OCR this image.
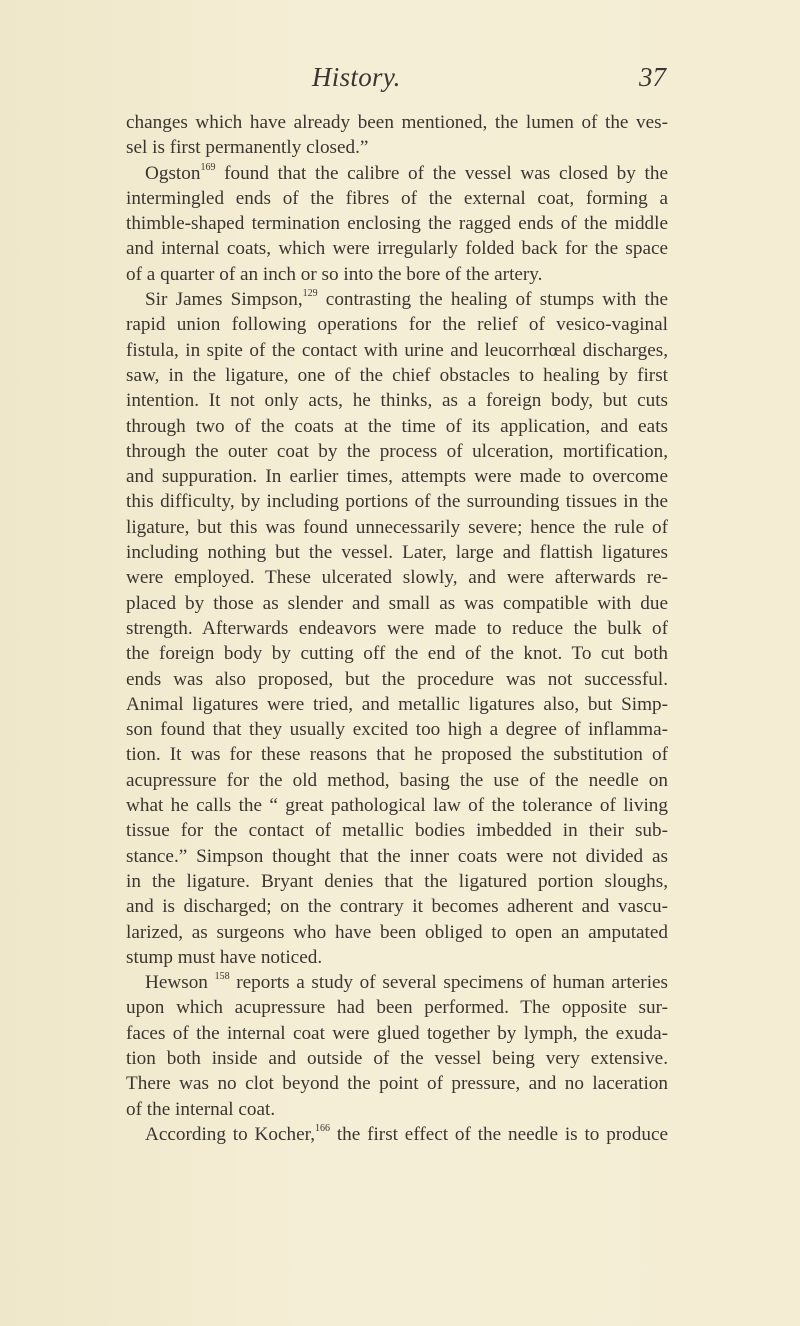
History.	37
changes which have already been mentioned, the lumen of the ves-
sel is first permanently closed.”
Ogston$^{169}$ found that the calibre of the vessel was closed by the
intermingled ends of the fibres of the external coat, forming a
thimble-shaped termination enclosing the ragged ends of the middle
and internal coats, which were irregularly folded back for the space
of a quarter of an inch or so into the bore of the artery.
Sir James Simpson,$^{129}$ contrasting the healing of stumps with the
rapid union following operations for the relief of vesico-vaginal
fistula, in spite of the contact with urine and leucorrhœal discharges,
saw, in the ligature, one of the chief obstacles to healing by first
intention. It not only acts, he thinks, as a foreign body, but cuts
through two of the coats at the time of its application, and eats
through the outer coat by the process of ulceration, mortification,
and suppuration. In earlier times, attempts were made to overcome
this difficulty, by including portions of the surrounding tissues in the
ligature, but this was found unnecessarily severe; hence the rule of
including nothing but the vessel. Later, large and flattish ligatures
were employed. These ulcerated slowly, and were afterwards re-
placed by those as slender and small as was compatible with due
strength. Afterwards endeavors were made to reduce the bulk of
the foreign body by cutting off the end of the knot. To cut both
ends was also proposed, but the procedure was not successful.
Animal ligatures were tried, and metallic ligatures also, but Simp-
son found that they usually excited too high a degree of inflamma-
tion. It was for these reasons that he proposed the substitution of
acupressure for the old method, basing the use of the needle on
what he calls the “ great pathological law of the tolerance of living
tissue for the contact of metallic bodies imbedded in their sub-
stance.” Simpson thought that the inner coats were not divided as
in the ligature. Bryant denies that the ligatured portion sloughs,
and is discharged; on the contrary it becomes adherent and vascu-
larized, as surgeons who have been obliged to open an amputated
stump must have noticed.
Hewson $^{158}$ reports a study of several specimens of human arteries
upon which acupressure had been performed. The opposite sur-
faces of the internal coat were glued together by lymph, the exuda-
tion both inside and outside of the vessel being very extensive.
There was no clot beyond the point of pressure, and no laceration
of the internal coat.
According to Kocher,$^{166}$ the first effect of the needle is to produce
